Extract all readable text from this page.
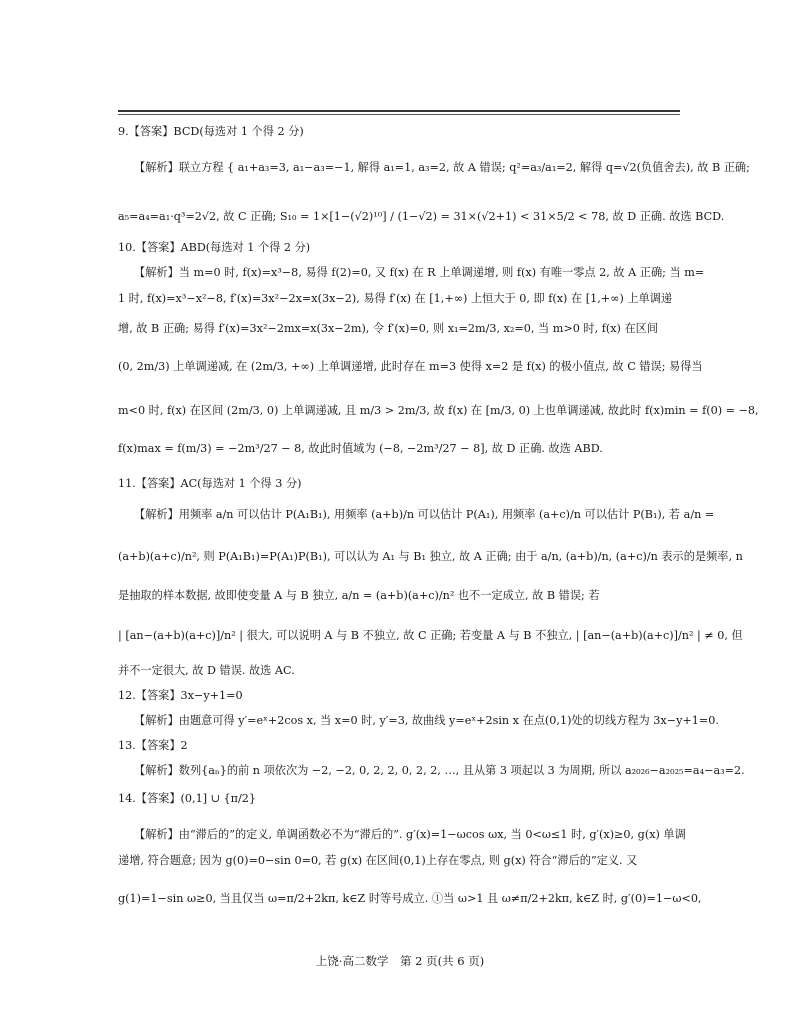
9.【答案】BCD(每选对 1 个得 2 分)
【解析】联立方程 { a₁+a₃=3, a₁−a₃=−1, 解得 a₁=1, a₃=2, 故 A 错误; q²=a₃/a₁=2, 解得 q=√2(负值舍去), 故 B 正确;
a₅=a₄=a₁·q³=2√2, 故 C 正确; S₁₀ = 1×[1−(√2)¹⁰] / (1−√2) = 31×(√2+1) < 31×5/2 < 78, 故 D 正确. 故选 BCD.
10.【答案】ABD(每选对 1 个得 2 分)
【解析】当 m=0 时, f(x)=x³−8, 易得 f(2)=0, 又 f(x) 在 R 上单调递增, 则 f(x) 有唯一零点 2, 故 A 正确; 当 m=
1 时, f(x)=x³−x²−8, f′(x)=3x²−2x=x(3x−2), 易得 f′(x) 在 [1,+∞) 上恒大于 0, 即 f(x) 在 [1,+∞) 上单调递
增, 故 B 正确; 易得 f′(x)=3x²−2mx=x(3x−2m), 令 f′(x)=0, 则 x₁=2m/3, x₂=0, 当 m>0 时, f(x) 在区间
(0, 2m/3) 上单调递减, 在 (2m/3, +∞) 上单调递增, 此时存在 m=3 使得 x=2 是 f(x) 的极小值点, 故 C 错误; 易得当
m<0 时, f(x) 在区间 (2m/3, 0) 上单调递减, 且 m/3 > 2m/3, 故 f(x) 在 [m/3, 0) 上也单调递减, 故此时 f(x)min = f(0) = −8,
f(x)max = f(m/3) = −2m³/27 − 8, 故此时值域为 (−8, −2m³/27 − 8], 故 D 正确. 故选 ABD.
11.【答案】AC(每选对 1 个得 3 分)
【解析】用频率 a/n 可以估计 P(A₁B₁), 用频率 (a+b)/n 可以估计 P(A₁), 用频率 (a+c)/n 可以估计 P(B₁), 若 a/n =
(a+b)(a+c)/n², 则 P(A₁B₁)=P(A₁)P(B₁), 可以认为 A₁ 与 B₁ 独立, 故 A 正确; 由于 a/n, (a+b)/n, (a+c)/n 表示的是频率, n
是抽取的样本数据, 故即使变量 A 与 B 独立, a/n = (a+b)(a+c)/n² 也不一定成立, 故 B 错误; 若
| [an−(a+b)(a+c)]/n² | 很大, 可以说明 A 与 B 不独立, 故 C 正确; 若变量 A 与 B 不独立, | [an−(a+b)(a+c)]/n² | ≠ 0, 但
并不一定很大, 故 D 错误. 故选 AC.
12.【答案】3x−y+1=0
【解析】由题意可得 y′=eˣ+2cos x, 当 x=0 时, y′=3, 故曲线 y=eˣ+2sin x 在点(0,1)处的切线方程为 3x−y+1=0.
13.【答案】2
【解析】数列{aₙ}的前 n 项依次为 −2, −2, 0, 2, 2, 0, 2, 2, …, 且从第 3 项起以 3 为周期, 所以 a₂₀₂₆−a₂₀₂₅=a₄−a₃=2.
14.【答案】(0,1] ∪ {π/2}
【解析】由“滞后的”的定义, 单调函数必不为“滞后的”. g′(x)=1−ωcos ωx, 当 0<ω≤1 时, g′(x)≥0, g(x) 单调
递增, 符合题意; 因为 g(0)=0−sin 0=0, 若 g(x) 在区间(0,1)上存在零点, 则 g(x) 符合“滞后的”定义. 又
g(1)=1−sin ω≥0, 当且仅当 ω=π/2+2kπ, k∈Z 时等号成立. ①当 ω>1 且 ω≠π/2+2kπ, k∈Z 时, g′(0)=1−ω<0,
上饶·高二数学　第 2 页(共 6 页)
